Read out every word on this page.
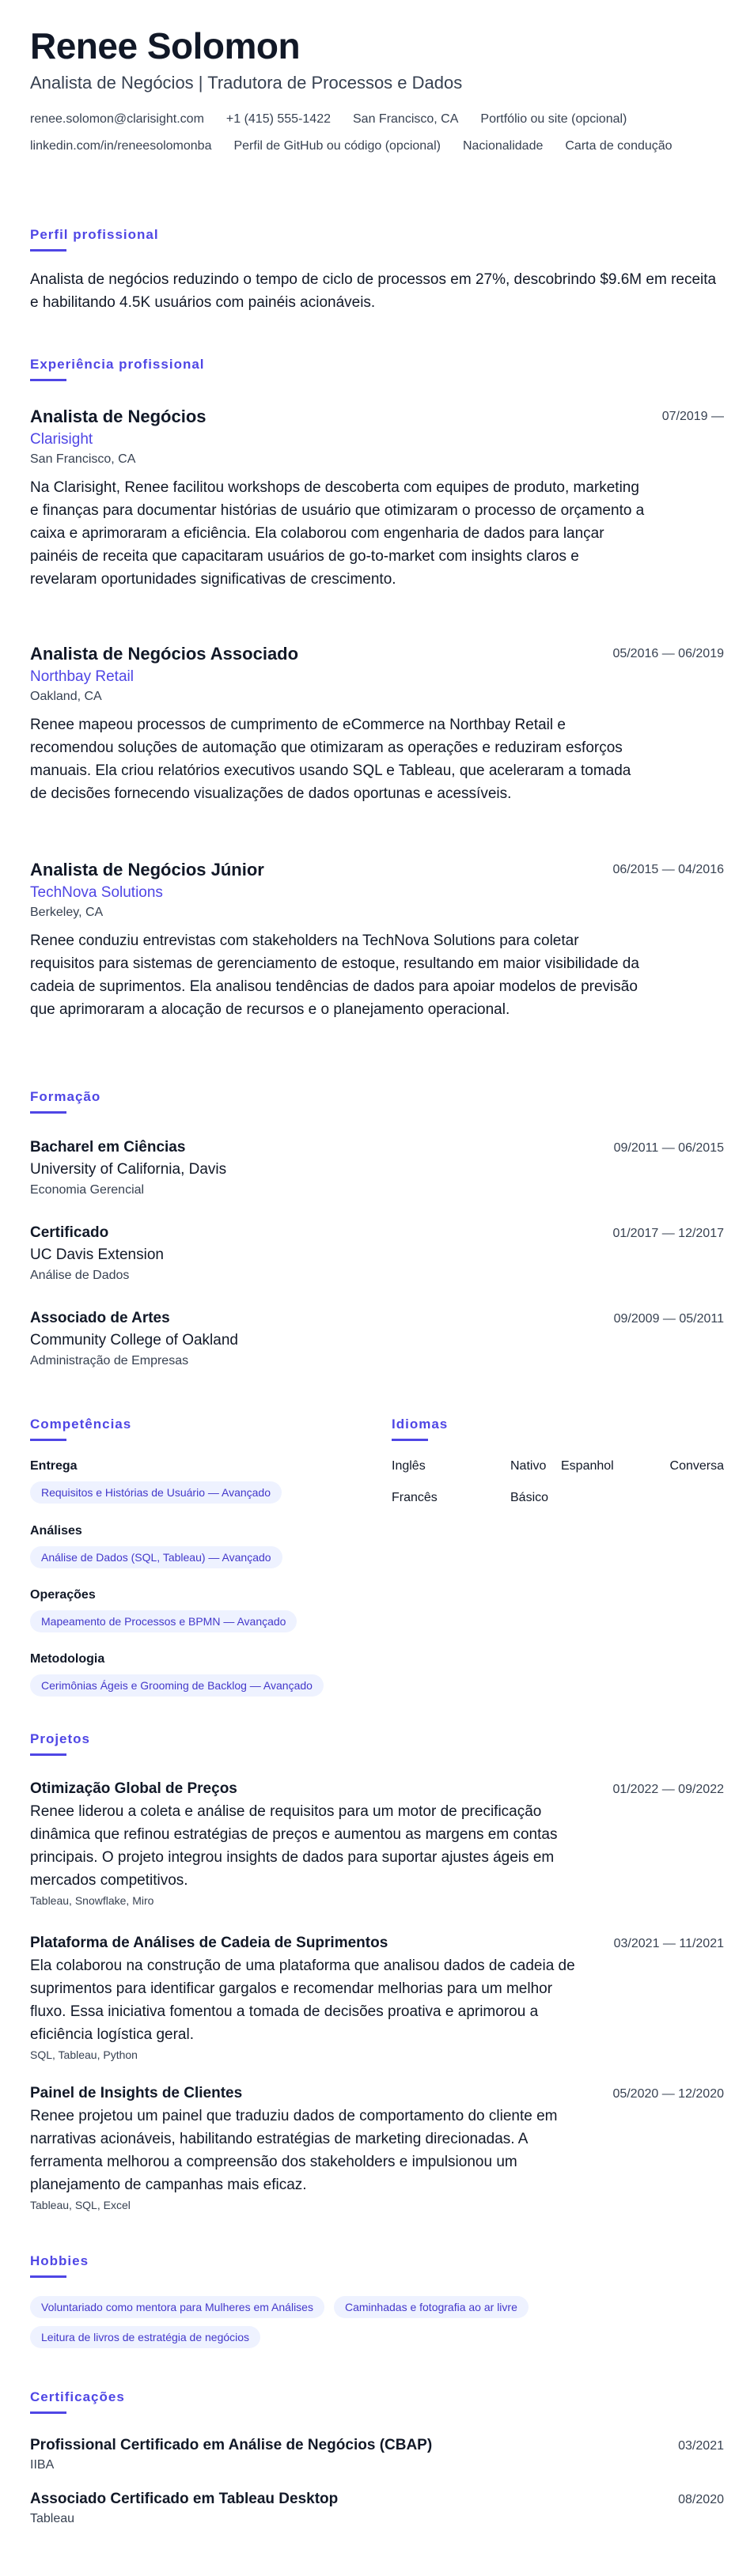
Renee Solomon
Analista de Negócios | Tradutora de Processos e Dados
renee.solomon@clarisight.com +1 (415) 555-1422 San Francisco, CA Portfólio ou site (opcional)
linkedin.com/in/reneesolomonba Perfil de GitHub ou código (opcional) Nacionalidade Carta de condução
Perfil profissional
Analista de negócios reduzindo o tempo de ciclo de processos em 27%, descobrindo $9.6M em receita e habilitando 4.5K usuários com painéis acionáveis.
Experiência profissional
Analista de Negócios	07/2019 —
Clarisight
San Francisco, CA
Na Clarisight, Renee facilitou workshops de descoberta com equipes de produto, marketing e finanças para documentar histórias de usuário que otimizaram o processo de orçamento a caixa e aprimoraram a eficiência. Ela colaborou com engenharia de dados para lançar painéis de receita que capacitaram usuários de go-to-market com insights claros e revelaram oportunidades significativas de crescimento.
Analista de Negócios Associado	05/2016 — 06/2019
Northbay Retail
Oakland, CA
Renee mapeou processos de cumprimento de eCommerce na Northbay Retail e recomendou soluções de automação que otimizaram as operações e reduziram esforços manuais. Ela criou relatórios executivos usando SQL e Tableau, que aceleraram a tomada de decisões fornecendo visualizações de dados oportunas e acessíveis.
Analista de Negócios Júnior	06/2015 — 04/2016
TechNova Solutions
Berkeley, CA
Renee conduziu entrevistas com stakeholders na TechNova Solutions para coletar requisitos para sistemas de gerenciamento de estoque, resultando em maior visibilidade da cadeia de suprimentos. Ela analisou tendências de dados para apoiar modelos de previsão que aprimoraram a alocação de recursos e o planejamento operacional.
Formação
Bacharel em Ciências	09/2011 — 06/2015
University of California, Davis
Economia Gerencial
Certificado	01/2017 — 12/2017
UC Davis Extension
Análise de Dados
Associado de Artes	09/2009 — 05/2011
Community College of Oakland
Administração de Empresas
Competências
Entrega
Requisitos e Histórias de Usuário — Avançado
Análises
Análise de Dados (SQL, Tableau) — Avançado
Operações
Mapeamento de Processos e BPMN — Avançado
Metodologia
Cerimônias Ágeis e Grooming de Backlog — Avançado
Idiomas
Inglês	Nativo	Espanhol	Conversa
Francês	Básico
Projetos
Otimização Global de Preços	01/2022 — 09/2022
Renee liderou a coleta e análise de requisitos para um motor de precificação dinâmica que refinou estratégias de preços e aumentou as margens em contas principais. O projeto integrou insights de dados para suportar ajustes ágeis em mercados competitivos.
Tableau, Snowflake, Miro
Plataforma de Análises de Cadeia de Suprimentos	03/2021 — 11/2021
Ela colaborou na construção de uma plataforma que analisou dados de cadeia de suprimentos para identificar gargalos e recomendar melhorias para um melhor fluxo. Essa iniciativa fomentou a tomada de decisões proativa e aprimorou a eficiência logística geral.
SQL, Tableau, Python
Painel de Insights de Clientes	05/2020 — 12/2020
Renee projetou um painel que traduziu dados de comportamento do cliente em narrativas acionáveis, habilitando estratégias de marketing direcionadas. A ferramenta melhorou a compreensão dos stakeholders e impulsionou um planejamento de campanhas mais eficaz.
Tableau, SQL, Excel
Hobbies
Voluntariado como mentora para Mulheres em Análises	Caminhadas e fotografia ao ar livre
Leitura de livros de estratégia de negócios
Certificações
Profissional Certificado em Análise de Negócios (CBAP)	03/2021
IIBA
Associado Certificado em Tableau Desktop	08/2020
Tableau
